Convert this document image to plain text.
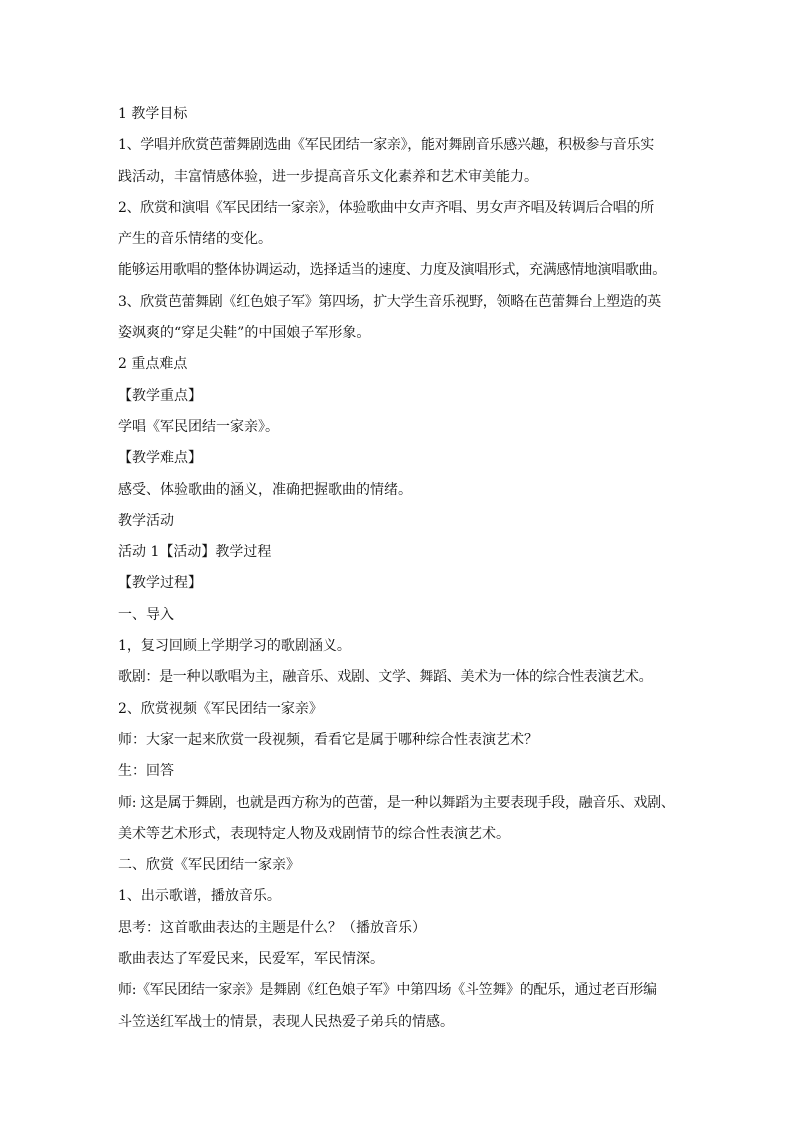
1 教学目标

1、学唱并欣赏芭蕾舞剧选曲《军民团结一家亲》，能对舞剧音乐感兴趣，积极参与音乐实

践活动，丰富情感体验，进一步提高音乐文化素养和艺术审美能力。

2、欣赏和演唱《军民团结一家亲》，体验歌曲中女声齐唱、男女声齐唱及转调后合唱的所

产生的音乐情绪的变化。

能够运用歌唱的整体协调运动，选择适当的速度、力度及演唱形式，充满感情地演唱歌曲。

3、欣赏芭蕾舞剧《红色娘子军》第四场，扩大学生音乐视野，领略在芭蕾舞台上塑造的英

姿飒爽的“穿足尖鞋”的中国娘子军形象。

2 重点难点

【教学重点】

学唱《军民团结一家亲》。

【教学难点】

感受、体验歌曲的涵义，准确把握歌曲的情绪。

教学活动

活动 1【活动】教学过程

【教学过程】

一、导入

1，复习回顾上学期学习的歌剧涵义。

歌剧：是一种以歌唱为主，融音乐、戏剧、文学、舞蹈、美术为一体的综合性表演艺术。

2、欣赏视频《军民团结一家亲》

师：大家一起来欣赏一段视频，看看它是属于哪种综合性表演艺术？

生：回答

师: 这是属于舞剧，也就是西方称为的芭蕾，是一种以舞蹈为主要表现手段，融音乐、戏剧、

美术等艺术形式，表现特定人物及戏剧情节的综合性表演艺术。

二、欣赏《军民团结一家亲》

1、出示歌谱，播放音乐。

思考：这首歌曲表达的主题是什么？（播放音乐）

歌曲表达了军爱民来，民爱军，军民情深。

师:《军民团结一家亲》是舞剧《红色娘子军》中第四场《斗笠舞》的配乐，通过老百形编

斗笠送红军战士的情景，表现人民热爱子弟兵的情感。
